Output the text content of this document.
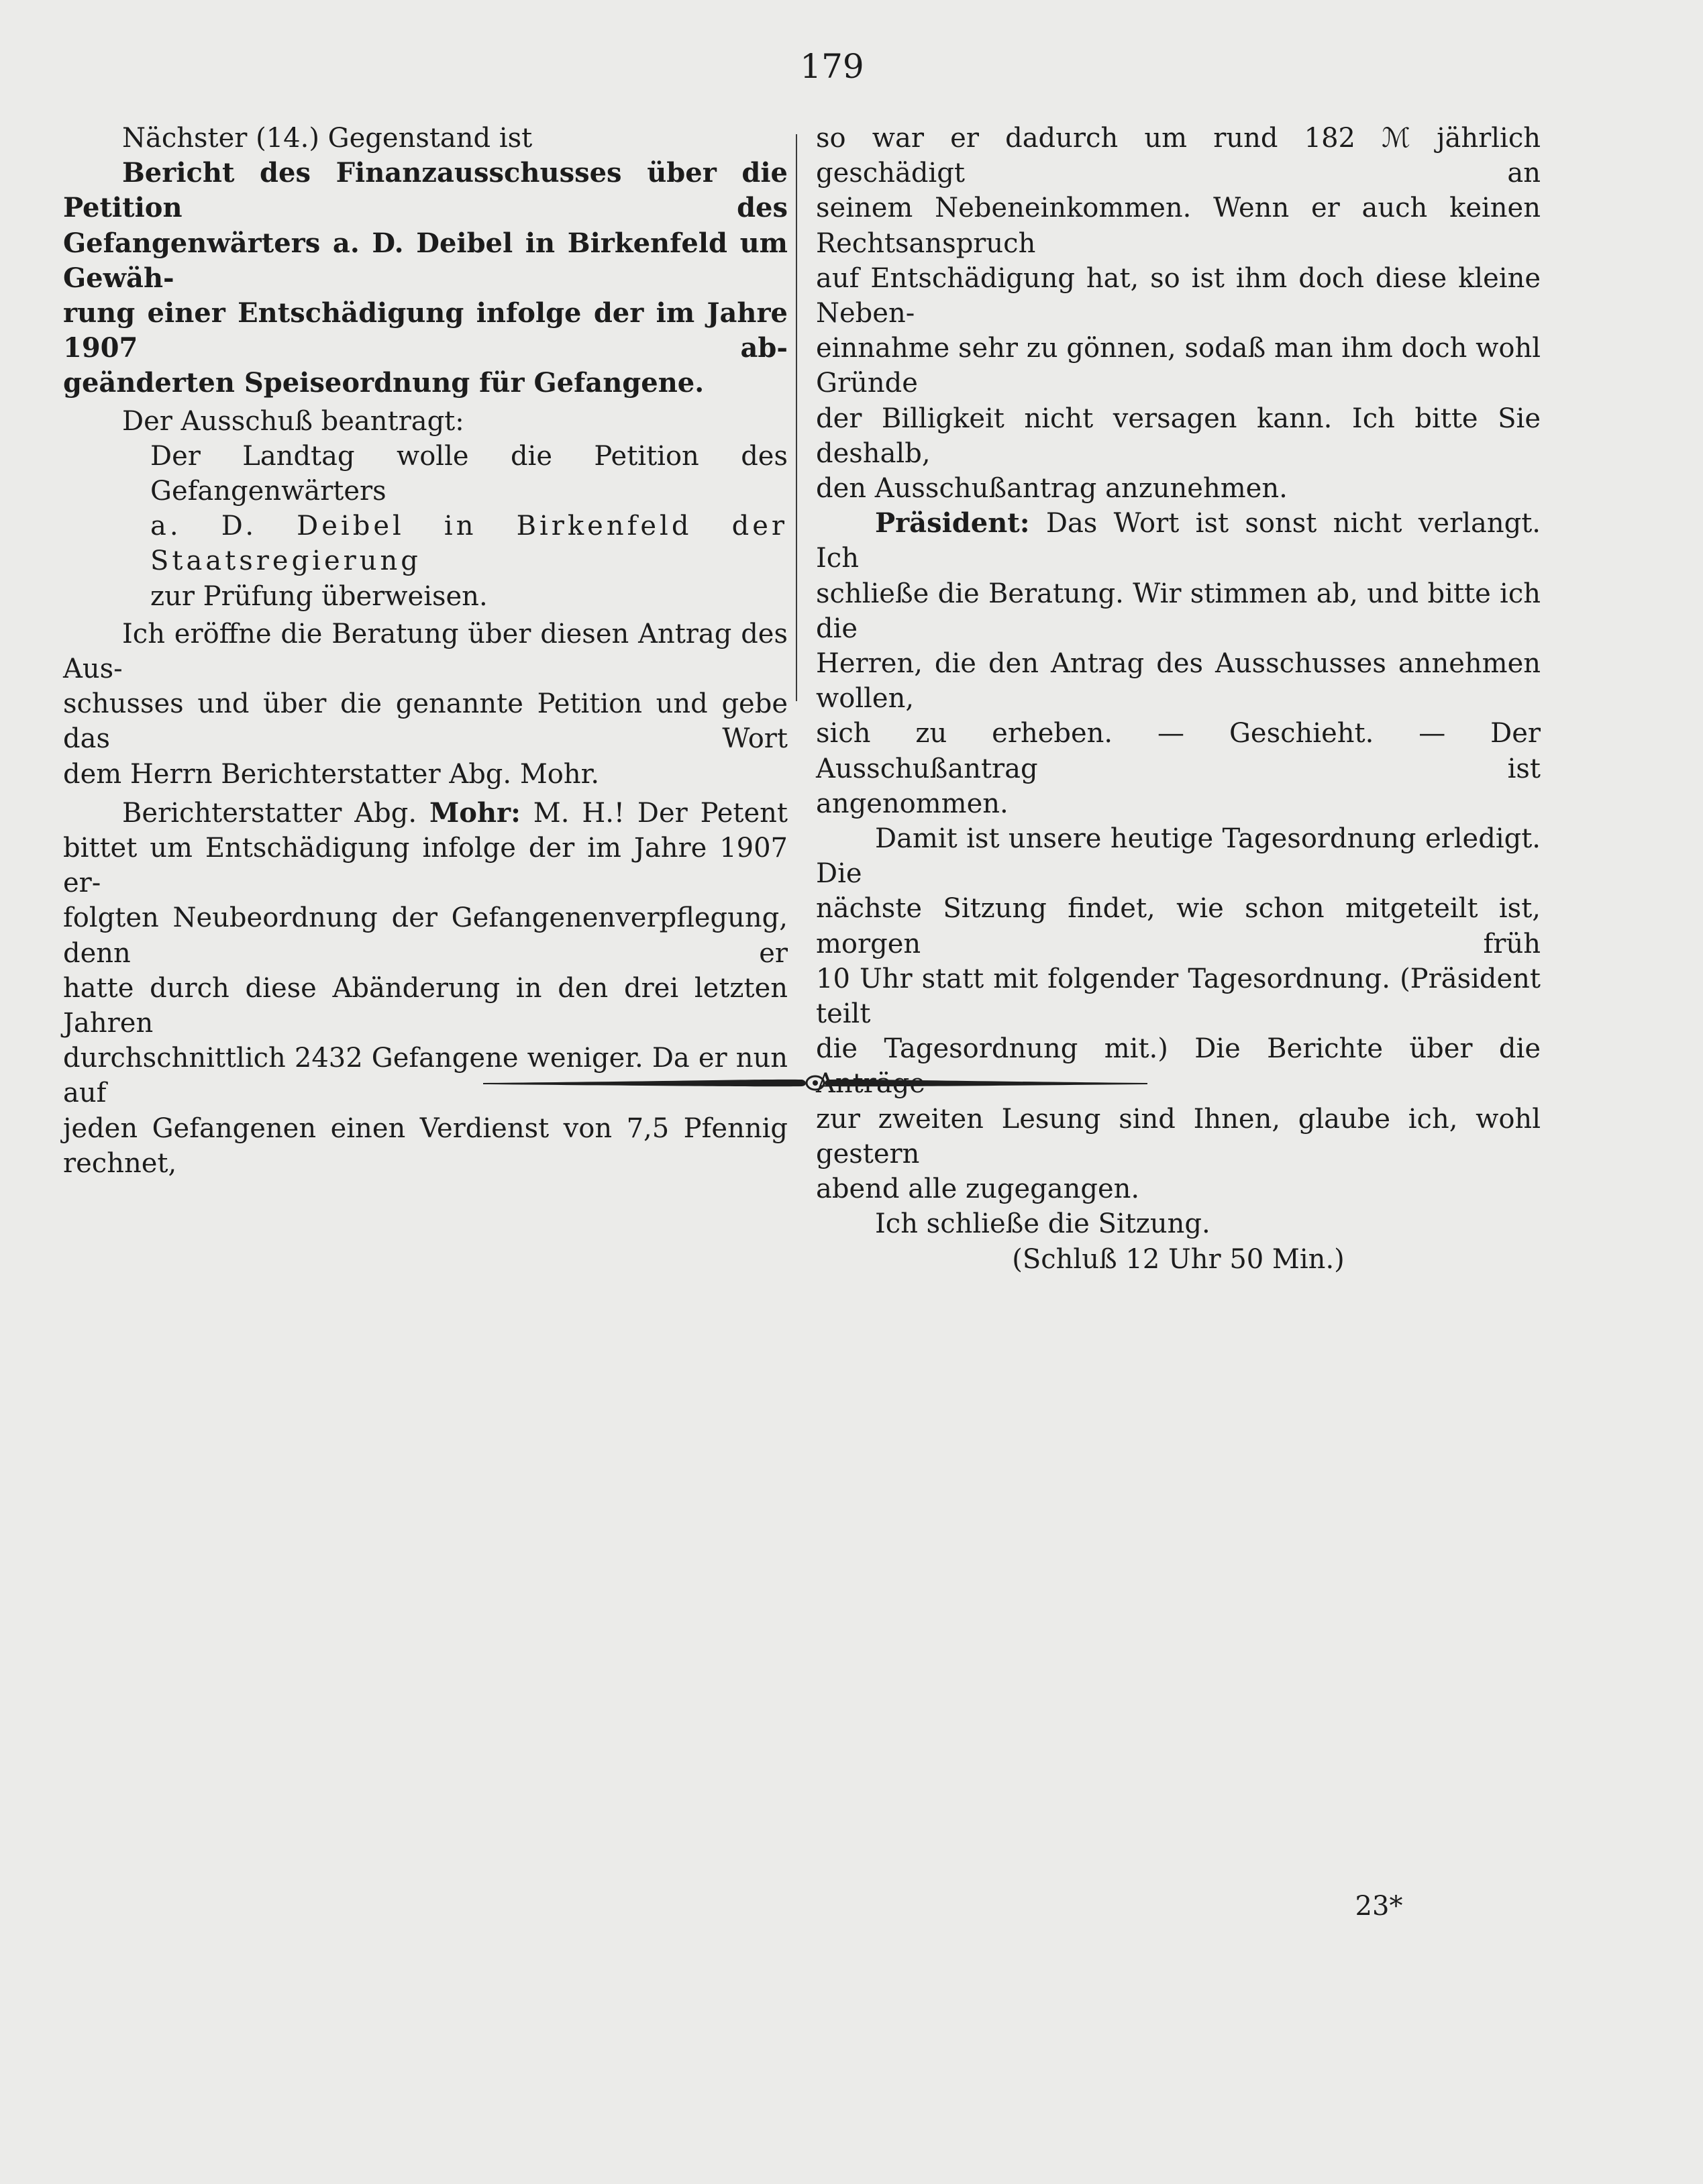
179

Nächster (14.) Gegenstand ist

Bericht des Finanzausschusses über die Petition des

Gefangenwärters a. D. Deibel in Birkenfeld um Gewäh-

rung einer Entschädigung infolge der im Jahre 1907 ab-

geänderten Speiseordnung für Gefangene.

Der Ausschuß beantragt:

Der Landtag wolle die Petition des Gefangenwärters

a. D. Deibel in Birkenfeld der Staatsregierung

zur Prüfung überweisen.

Ich eröffne die Beratung über diesen Antrag des Aus-

schusses und über die genannte Petition und gebe das Wort

dem Herrn Berichterstatter Abg. Mohr.

Berichterstatter Abg. Mohr: M. H.! Der Petent

bittet um Entschädigung infolge der im Jahre 1907 er-

folgten Neubeordnung der Gefangenenverpflegung, denn er

hatte durch diese Abänderung in den drei letzten Jahren

durchschnittlich 2432 Gefangene weniger. Da er nun auf

jeden Gefangenen einen Verdienst von 7,5 Pfennig rechnet,

so war er dadurch um rund 182 ℳ jährlich geschädigt an

seinem Nebeneinkommen. Wenn er auch keinen Rechtsanspruch

auf Entschädigung hat, so ist ihm doch diese kleine Neben-

einnahme sehr zu gönnen, sodaß man ihm doch wohl Gründe

der Billigkeit nicht versagen kann. Ich bitte Sie deshalb,

den Ausschußantrag anzunehmen.

Präsident: Das Wort ist sonst nicht verlangt. Ich

schließe die Beratung. Wir stimmen ab, und bitte ich die

Herren, die den Antrag des Ausschusses annehmen wollen,

sich zu erheben. — Geschieht. — Der Ausschußantrag ist

angenommen.

Damit ist unsere heutige Tagesordnung erledigt. Die

nächste Sitzung findet, wie schon mitgeteilt ist, morgen früh

10 Uhr statt mit folgender Tagesordnung. (Präsident teilt

die Tagesordnung mit.) Die Berichte über die

zur zweiten Lesung sind Ihnen, glaube ich, wohl gestern

abend alle zugegangen.

Ich schließe die Sitzung.

(Schluß 12 Uhr 50 Min.)

23*
